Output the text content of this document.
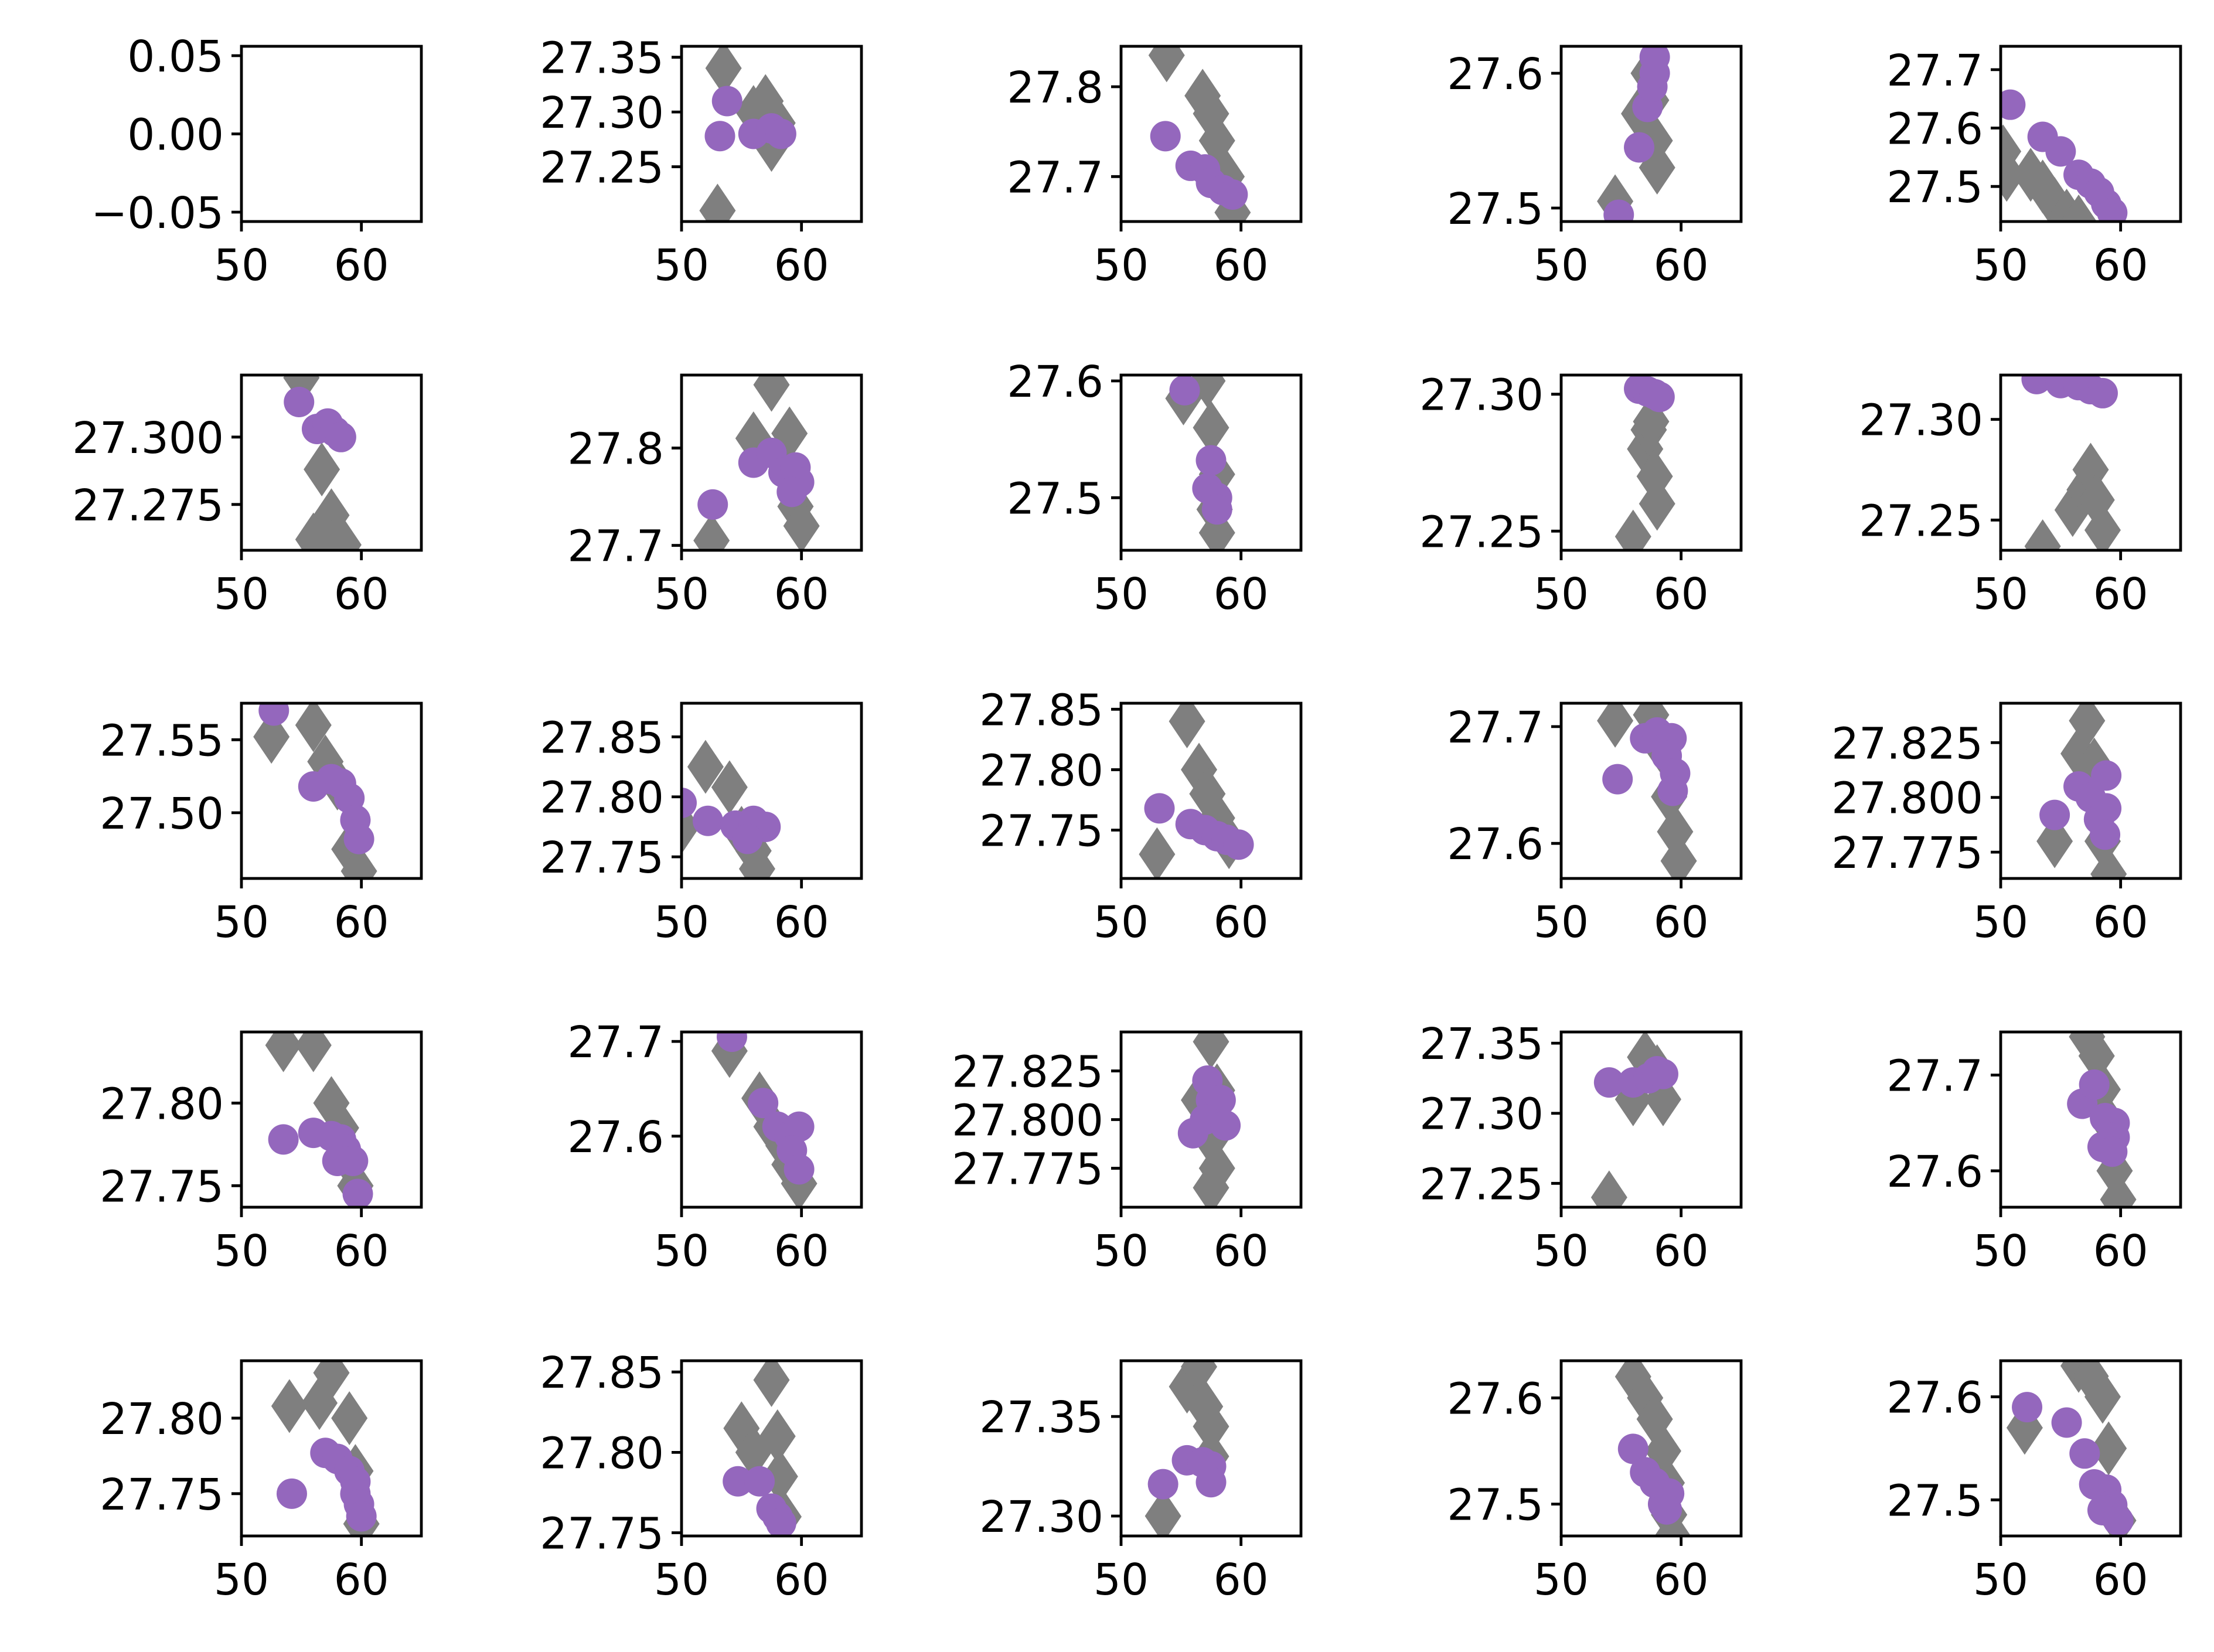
50 60
0.05
0.00
−0.05
50 60
27.35
27.30
27.25
50 60
27.8
27.7
50 60
27.6
27.5
50 60
27.7
27.6
27.5
50 60
27.300
27.275
50 60
27.8
27.7
50 60
27.6
27.5
50 60
27.30
27.25
50 60
27.30
27.25
50 60
27.55
27.50
50 60
27.85
27.80
27.75
50 60
27.85
27.80
27.75
50 60
27.7
27.6
50 60
27.825
27.800
27.775
50 60
27.80
27.75
50 60
27.7
27.6
50 60
27.825
27.800
27.775
50 60
27.35
27.30
27.25
50 60
27.7
27.6
50 60
27.80
27.75
50 60
27.85
27.80
27.75
50 60
27.35
27.30
50 60
27.6
27.5
50 60
27.6
27.5
